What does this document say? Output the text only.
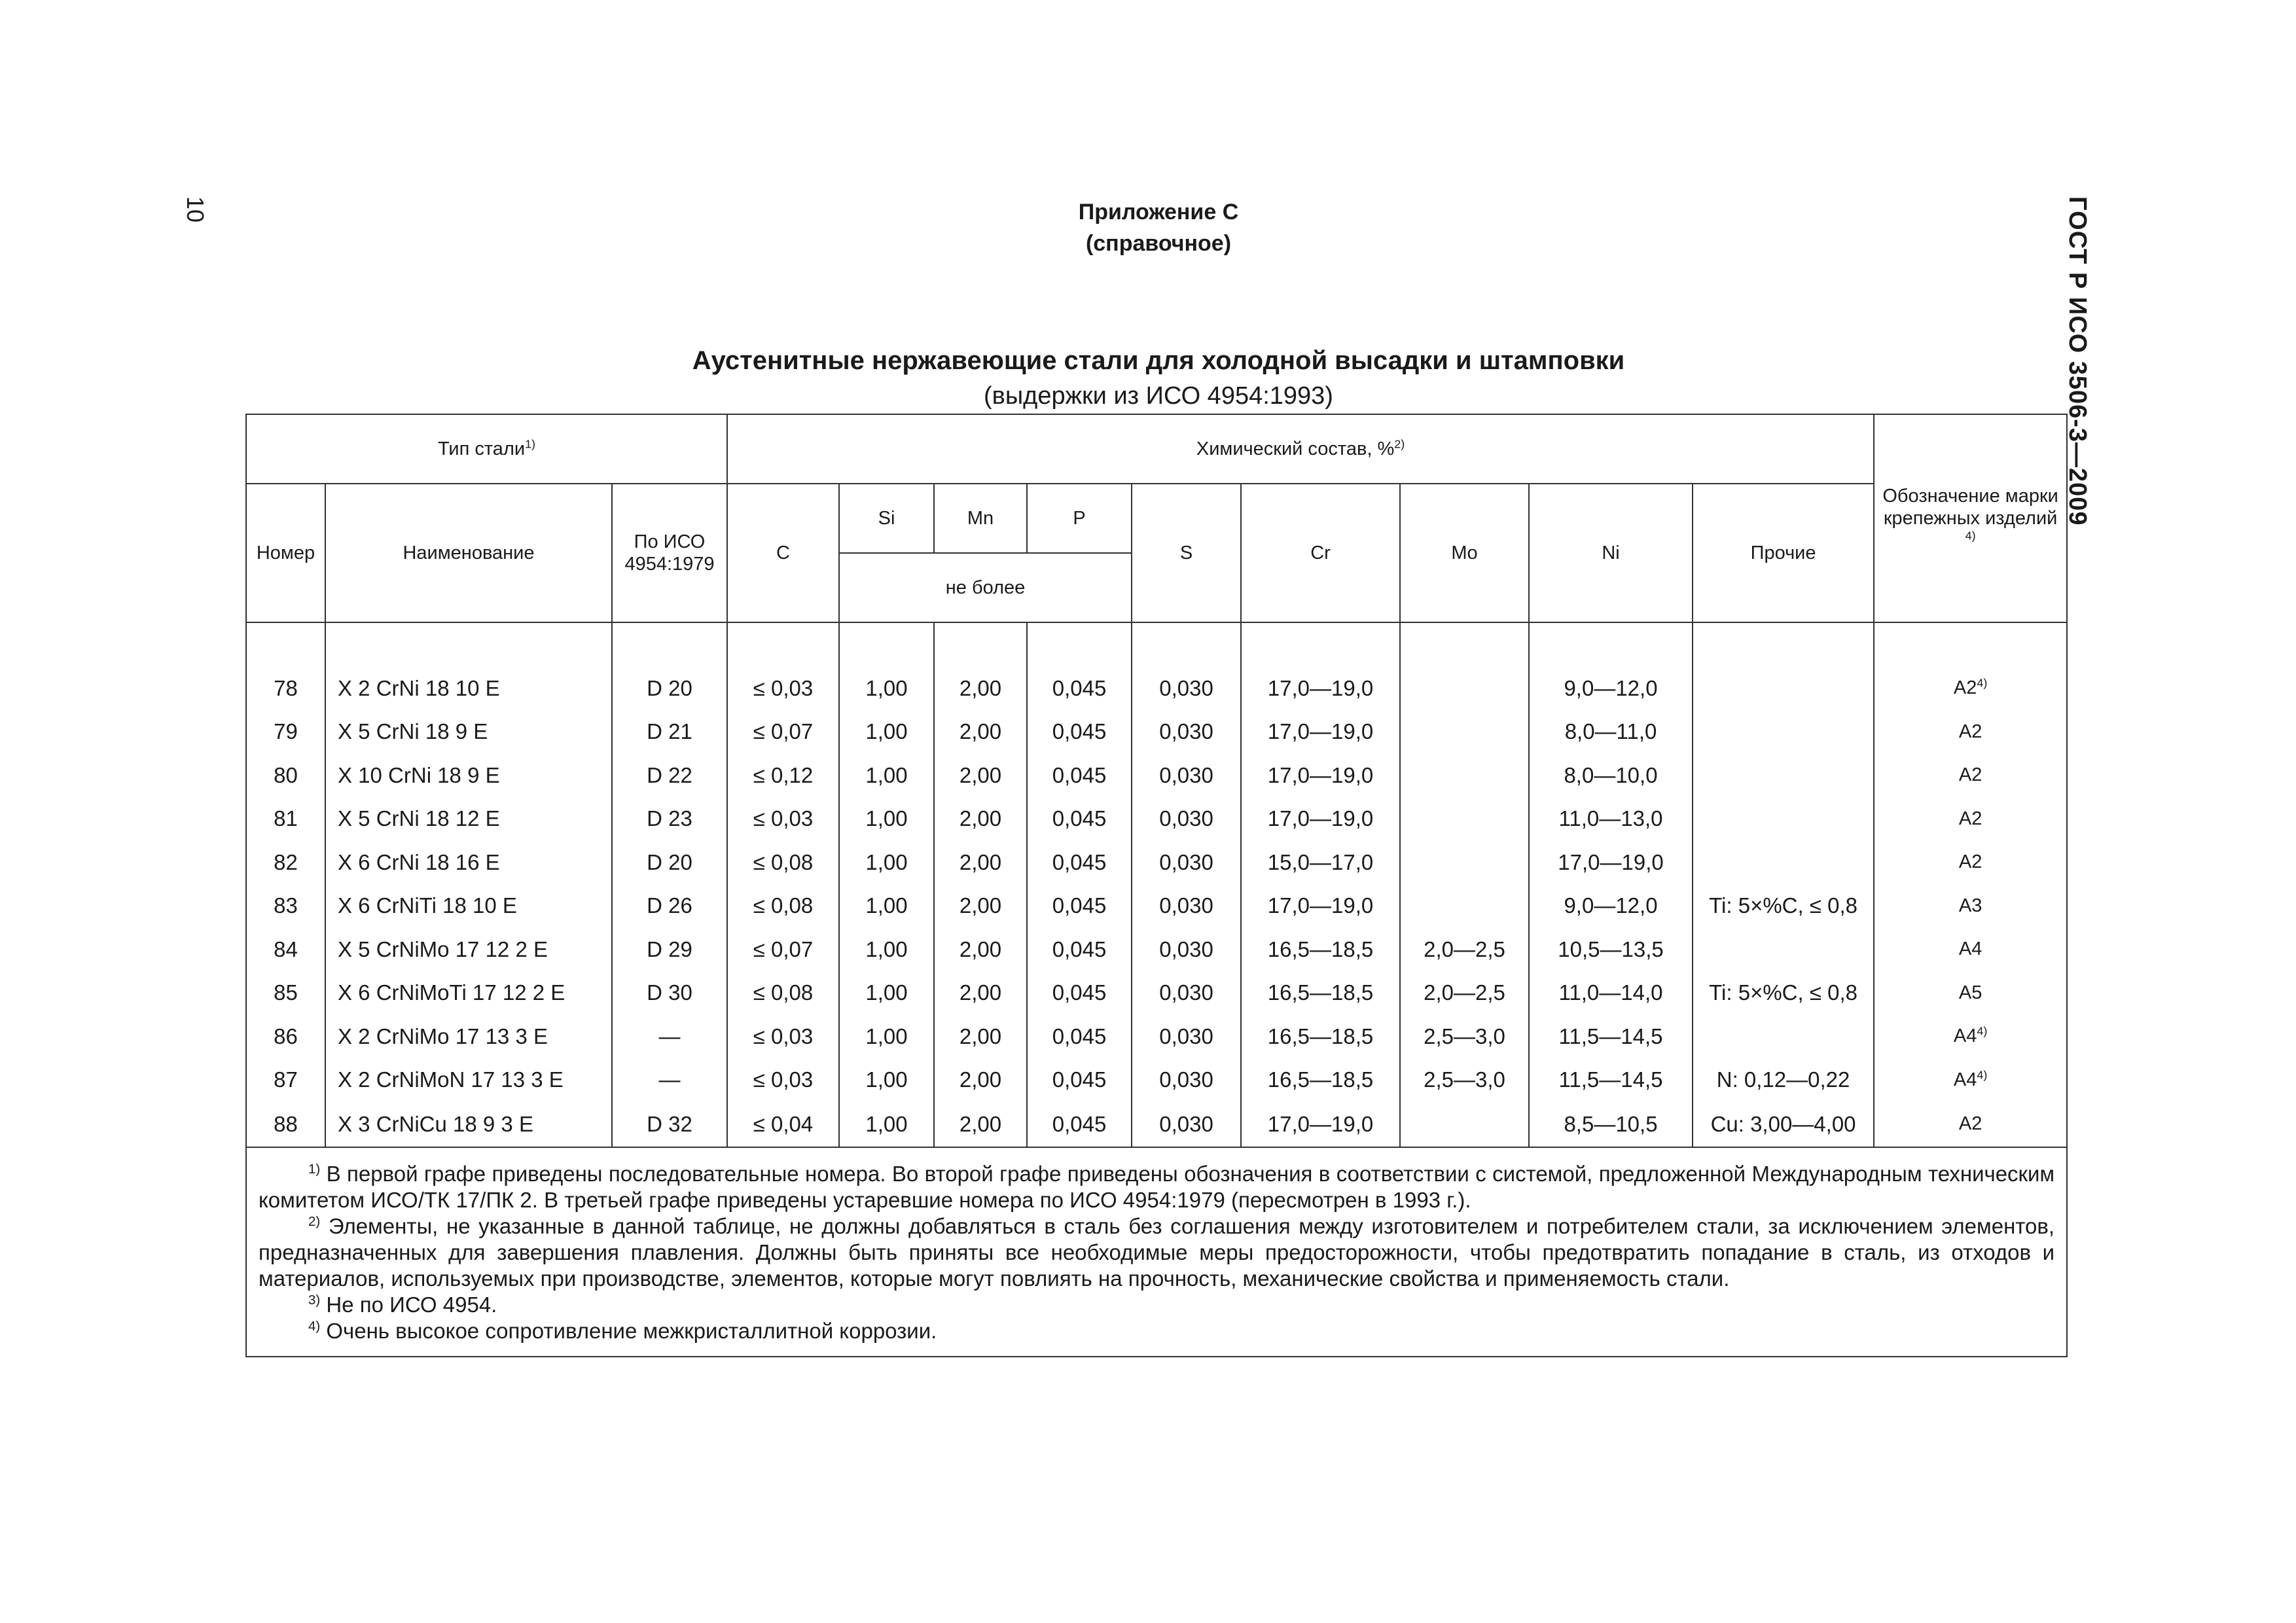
10	ГОСТ Р ИСО 3506-3—2009
Приложение С
(справочное)
Аустенитные нержавеющие стали для холодной высадки и штамповки
(выдержки из ИСО 4954:1993)
Тип стали$^{1)}$			Химический состав, %$^{2)}$									Обозначение марки крепежных изделий $^{4)}$
Номер	Наименование	По ИСО 4954:1979	C	Si	Mn	P	S	Cr	Mo	Ni	Прочие	
				не более								

78	X 2 CrNi 18 10 E	D 20	≤ 0,03	1,00	2,00	0,045	0,030	17,0—19,0		9,0—12,0		A2$^{4)}$
79	X 5 CrNi 18 9 E	D 21	≤ 0,07	1,00	2,00	0,045	0,030	17,0—19,0		8,0—11,0		A2
80	X 10 CrNi 18 9 E	D 22	≤ 0,12	1,00	2,00	0,045	0,030	17,0—19,0		8,0—10,0		A2
81	X 5 CrNi 18 12 E	D 23	≤ 0,03	1,00	2,00	0,045	0,030	17,0—19,0		11,0—13,0		A2
82	X 6 CrNi 18 16 E	D 20	≤ 0,08	1,00	2,00	0,045	0,030	15,0—17,0		17,0—19,0		A2
83	X 6 CrNiTi 18 10 E	D 26	≤ 0,08	1,00	2,00	0,045	0,030	17,0—19,0		9,0—12,0	Ti: 5×%C, ≤ 0,8	A3
84	X 5 CrNiMo 17 12 2 E	D 29	≤ 0,07	1,00	2,00	0,045	0,030	16,5—18,5	2,0—2,5	10,5—13,5		A4
85	X 6 CrNiMoTi 17 12 2 E	D 30	≤ 0,08	1,00	2,00	0,045	0,030	16,5—18,5	2,0—2,5	11,0—14,0	Ti: 5×%C, ≤ 0,8	A5
86	X 2 CrNiMo 17 13 3 E	—	≤ 0,03	1,00	2,00	0,045	0,030	16,5—18,5	2,5—3,0	11,5—14,5		A4$^{4)}$
87	X 2 CrNiMoN 17 13 3 E	—	≤ 0,03	1,00	2,00	0,045	0,030	16,5—18,5	2,5—3,0	11,5—14,5	N: 0,12—0,22	A4$^{4)}$
88	X 3 CrNiCu 18 9 3 E	D 32	≤ 0,04	1,00	2,00	0,045	0,030	17,0—19,0		8,5—10,5	Cu: 3,00—4,00	A2

$^{1)}$ В первой графе приведены последовательные номера. Во второй графе приведены обозначения в соответствии с системой, предложенной Международным техническим комитетом ИСО/ТК 17/ПК 2. В третьей графе приведены устаревшие номера по ИСО 4954:1979 (пересмотрен в 1993 г.).

$^{2)}$ Элементы, не указанные в данной таблице, не должны добавляться в сталь без соглашения между изготовителем и потребителем стали, за исключением элементов, предназначенных для завершения плавления. Должны быть приняты все необходимые меры предосторожности, чтобы предотвратить попадание в сталь, из отходов и материалов, используемых при производстве, элементов, которые могут повлиять на прочность, механические свойства и применяемость стали.

$^{3)}$ Не по ИСО 4954.

$^{4)}$ Очень высокое сопротивление межкристаллитной коррозии.												
